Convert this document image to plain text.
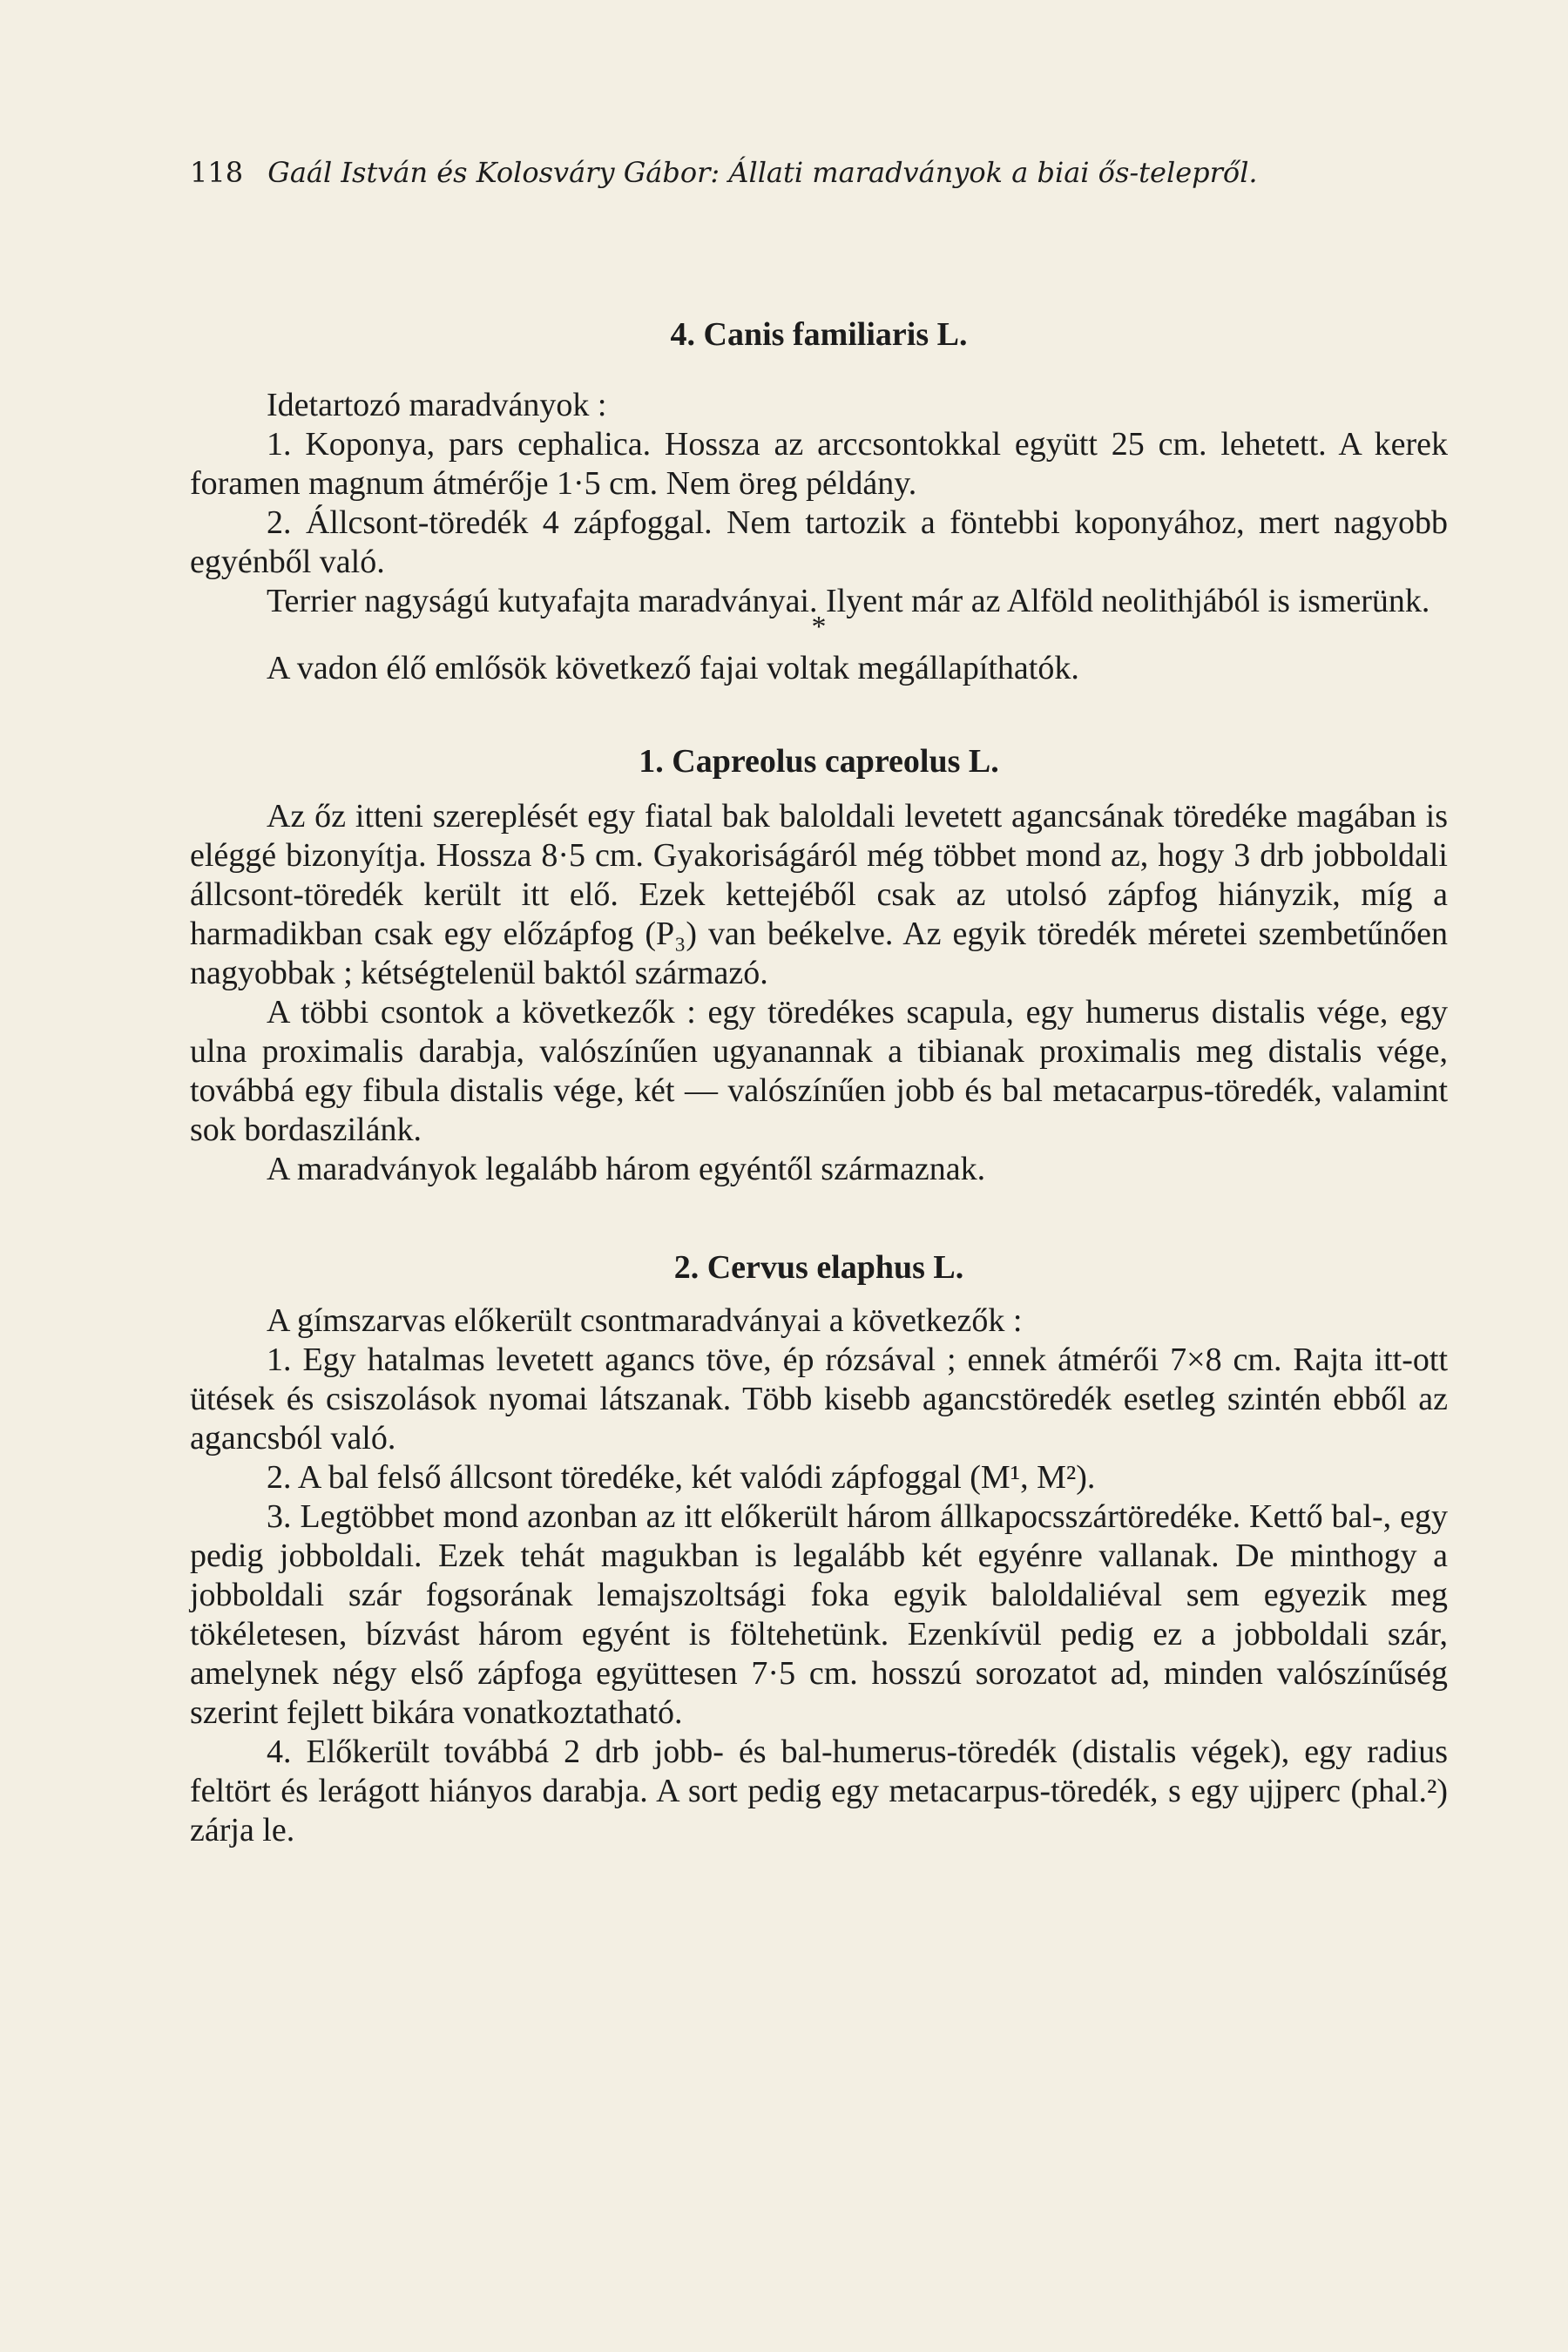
118 Gaál István és Kolosváry Gábor: Állati maradványok a biai ős-telepről.
4. Canis familiaris L.

Idetartozó maradványok :

1. Koponya, pars cephalica. Hossza az arccsontokkal együtt 25 cm. lehetett. A kerek foramen magnum átmérője 1·5 cm. Nem öreg példány.

2. Állcsont-töredék 4 zápfoggal. Nem tartozik a föntebbi koponyához, mert nagyobb egyénből való.

Terrier nagyságú kutyafajta maradványai. Ilyent már az Alföld neolithjából is ismerünk.

*

A vadon élő emlősök következő fajai voltak megállapíthatók.

1. Capreolus capreolus L.

Az őz itteni szereplését egy fiatal bak baloldali levetett agancsának töredéke magában is eléggé bizonyítja. Hossza 8·5 cm. Gyakoriságáról még többet mond az, hogy 3 drb jobboldali állcsont-töredék került itt elő. Ezek kettejéből csak az utolsó zápfog hiányzik, míg a harmadikban csak egy előzápfog (P₃) van beékelve. Az egyik töredék méretei szembetűnően nagyobbak ; kétségtelenül baktól származó.

A többi csontok a következők : egy töredékes scapula, egy humerus distalis vége, egy ulna proximalis darabja, valószínűen ugyanannak a tibianak proximalis meg distalis vége, továbbá egy fibula distalis vége, két — valószínűen jobb és bal metacarpus-töredék, valamint sok bordaszilánk.

A maradványok legalább három egyéntől származnak.

2. Cervus elaphus L.

A gímszarvas előkerült csontmaradványai a következők :

1. Egy hatalmas levetett agancs töve, ép rózsával ; ennek átmérői 7×8 cm. Rajta itt-ott ütések és csiszolások nyomai látszanak. Több kisebb agancstöredék esetleg szintén ebből az agancsból való.

2. A bal felső állcsont töredéke, két valódi zápfoggal (M¹, M²).

3. Legtöbbet mond azonban az itt előkerült három állkapocsszártöredéke. Kettő bal-, egy pedig jobboldali. Ezek tehát magukban is legalább két egyénre vallanak. De minthogy a jobboldali szár fogsorának lemajszoltsági foka egyik baloldaliéval sem egyezik meg tökéletesen, bízvást három egyént is föltehetünk. Ezenkívül pedig ez a jobboldali szár, amelynek négy első zápfoga együttesen 7·5 cm. hosszú sorozatot ad, minden valószínűség szerint fejlett bikára vonatkoztatható.

4. Előkerült továbbá 2 drb jobb- és bal-humerus-töredék (distalis végek), egy radius feltört és lerágott hiányos darabja. A sort pedig egy metacarpus-töredék, s egy ujjperc (phal.²) zárja le.
